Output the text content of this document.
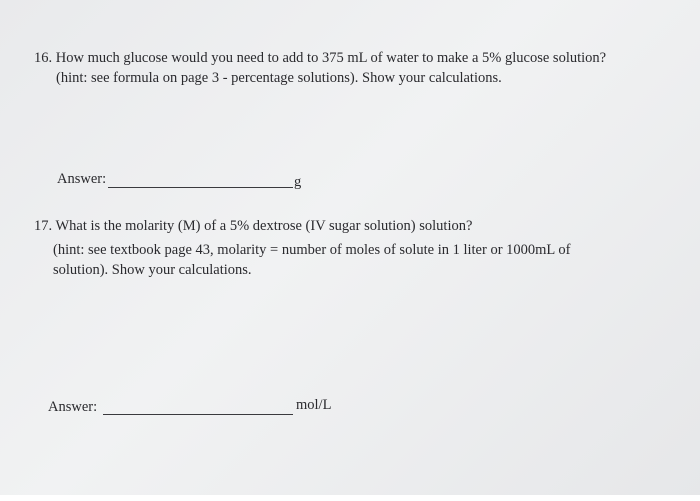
16. How much glucose would you need to add to 375 mL of water to make a 5% glucose solution?
(hint: see formula on page 3 - percentage solutions). Show your calculations.
Answer:	g
17. What is the molarity (M) of a 5% dextrose (IV sugar solution) solution?
(hint: see textbook page 43, molarity = number of moles of solute in 1 liter or 1000mL of
solution). Show your calculations.
Answer:	mol/L
